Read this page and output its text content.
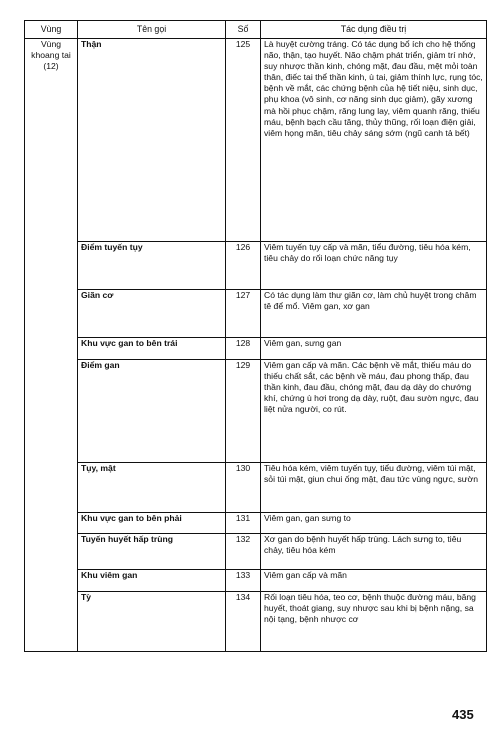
Vùng	Tên gọi	Số	Tác dụng điều trị
Vùng khoang tai (12)	Thận	125	Là huyệt cường tráng. Có tác dụng bổ ích cho hệ thống não, thận, tạo huyết. Não chậm phát triển, giảm trí nhớ, suy nhược thần kinh, chóng mặt, đau đầu, mệt mỏi toàn thân, điếc tai thể thần kinh, ù tai, giảm thính lực, rụng tóc, bệnh về mắt, các chứng bệnh của hệ tiết niệu, sinh dục, phụ khoa (vô sinh, cơ năng sinh dục giảm), gãy xương mà hồi phục chậm, răng lung lay, viêm quanh răng, thiếu máu, bệnh bạch cầu tăng, thủy thũng, rối loạn điện giải, viêm họng mãn, tiêu chảy sáng sớm (ngũ canh tả bết)
	Điểm tuyến tụy	126	Viêm tuyến tụy cấp và mãn, tiểu đường, tiêu hóa kém, tiêu chảy do rối loạn chức năng tụy
	Giãn cơ	127	Có tác dụng làm thư giãn cơ, làm chủ huyệt trong châm tê để mổ. Viêm gan, xơ gan
	Khu vực gan to bên trái	128	Viêm gan, sưng gan
	Điểm gan	129	Viêm gan cấp và mãn. Các bệnh về mắt, thiếu máu do thiếu chất sắt, các bệnh về máu, đau phong thấp, đau thần kinh, đau đầu, chóng mặt, đau dạ dày do chướng khí, chứng ù hơi trong dạ dày, ruột, đau sườn ngực, đau liệt nửa người, co rút.
	Tụy, mật	130	Tiêu hóa kém, viêm tuyến tụy, tiểu đường, viêm túi mật, sỏi túi mật, giun chui ống mật, đau tức vùng ngực, sườn
	Khu vực gan to bên phải	131	Viêm gan, gan sưng to
	Tuyến huyết hấp trùng	132	Xơ gan do bệnh huyết hấp trùng. Lách sưng to, tiêu chảy, tiêu hóa kém
	Khu viêm gan	133	Viêm gan cấp và mãn
	Tỳ	134	Rối loạn tiêu hóa, teo cơ, bệnh thuộc đường máu, băng huyết, thoát giang, suy nhược sau khi bị bệnh nặng, sa nội tạng, bệnh nhược cơ
435
